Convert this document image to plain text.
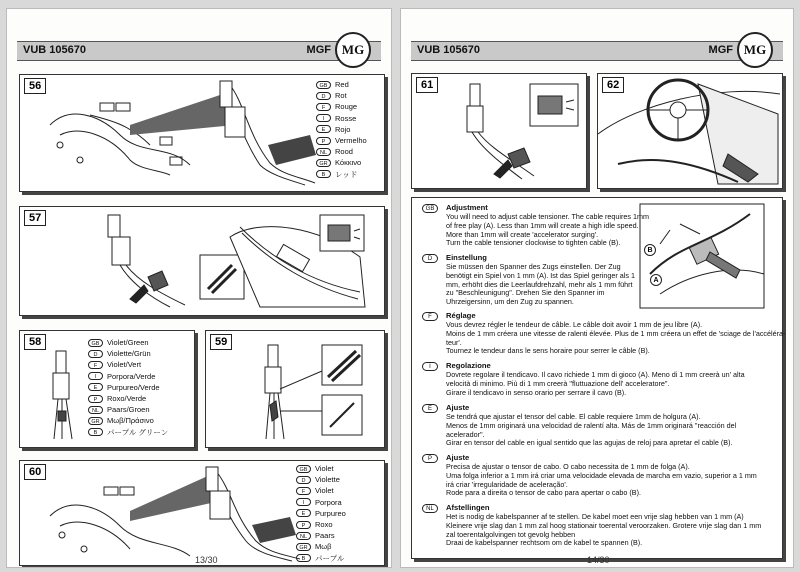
VUB 105670	MGF MG
56	GB	Red
D	Rot
F	Rouge
I	Rosse
E	Rojo
P	Vermelho
NL	Rood
GR Κόκκινο
B	レッド
57
58	GB	Violet/Green
D	Violette/Grün
F	Violet/Vert
I	Porpora/Verde
E	Purpureo/Verde
P	Roxo/Verde
NL	Paars/Groen
GR Μωβ/Πράσινο
B	パープル グリーン
59
60	GB	Violet
D	Violette
F	Violet
I	Porpora
E	Purpureo
P	Roxo
NL	Paars
GR Μωβ
B	パープル
13/30
VUB 105670	MGF MG
61	62
B
A
GB	Adjustment
You will need to adjust cable tensioner. The cable requires 1mm
of free play (A). Less than 1mm will create a high idle speed.
More than 1mm will create 'accelerator surging'.
Turn the cable tensioner clockwise to tighten cable (B).
D	Einstellung
Sie müssen den Spanner des Zugs einstellen. Der Zug
benötigt ein Spiel von 1 mm (A). Ist das Spiel geringer als 1
mm, erhöht dies die Leerlaufdrehzahl, mehr als 1 mm führt
zu "Beschleunigung". Drehen Sie den Spanner im
Uhrzeigersinn, um den Zug zu spannen.
F	Réglage
Vous devrez régler le tendeur de câble. Le câble doit avoir 1 mm de jeu libre (A).
Moins de 1 mm créera une vitesse de ralenti élevée. Plus de 1 mm créera un effet de 'sciage de l'accéléra-
teur'.
Tournez le tendeur dans le sens horaire pour serrer le câble (B).
I	Regolazione
Dovrete regolare il tendicavo. Il cavo richiede 1 mm di gioco (A). Meno di 1 mm creerà un' alta
velocità di minimo. Più di 1 mm creerà "fluttuazione dell' acceleratore".
Girare il tendicavo in senso orario per serrare il cavo (B).
E	Ajuste
Se tendrá que ajustar el tensor del cable. El cable requiere 1mm de holgura (A).
Menos de 1mm originará una velocidad de ralentí alta. Más de 1mm originará "reacción del
acelerador".
Girar en tensor del cable en igual sentido que las agujas de reloj para apretar el cable (B).
P	Ajuste
Precisa de ajustar o tensor de cabo. O cabo necessita de 1 mm de folga (A).
Uma folga inferior a 1 mm irá criar uma velocidade elevada de marcha em vazio, superior a 1 mm
irá criar 'irregularidade de aceleração'.
Rode para a direita o tensor de cabo para apertar o cabo (B).
NL	Afstellingen
Het is nodig de kabelspanner af te stellen. De kabel moet een vrije slag hebben van 1 mm (A)
Kleinere vrije slag dan 1 mm zal hoog stationair toerental veroorzaken. Grotere vrije slag dan 1 mm
zal toerentalgolvingen tot gevolg hebben
Draai de kabelspanner rechtsom om de kabel te spannen (B).
14/30
